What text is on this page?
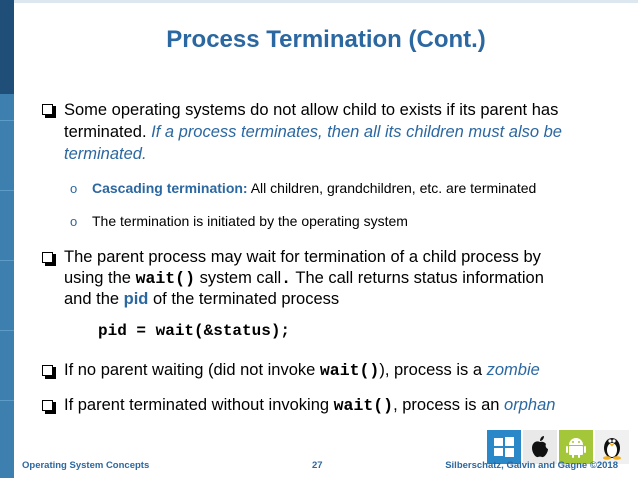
Process Termination (Cont.)
Some operating systems do not allow child to exists if its parent has
terminated. If a process terminates, then all its children must also be
terminated.
o Cascading termination: All children, grandchildren, etc. are terminated
o The termination is initiated by the operating system
The parent process may wait for termination of a child process by
using the wait() system call. The call returns status information
and the pid of the terminated process
pid = wait(&status);
If no parent waiting (did not invoke wait()), process is a zombie
If parent terminated without invoking wait(), process is an orphan
Operating System Concepts	27	Silberschatz, Galvin and Gagne ©2018
